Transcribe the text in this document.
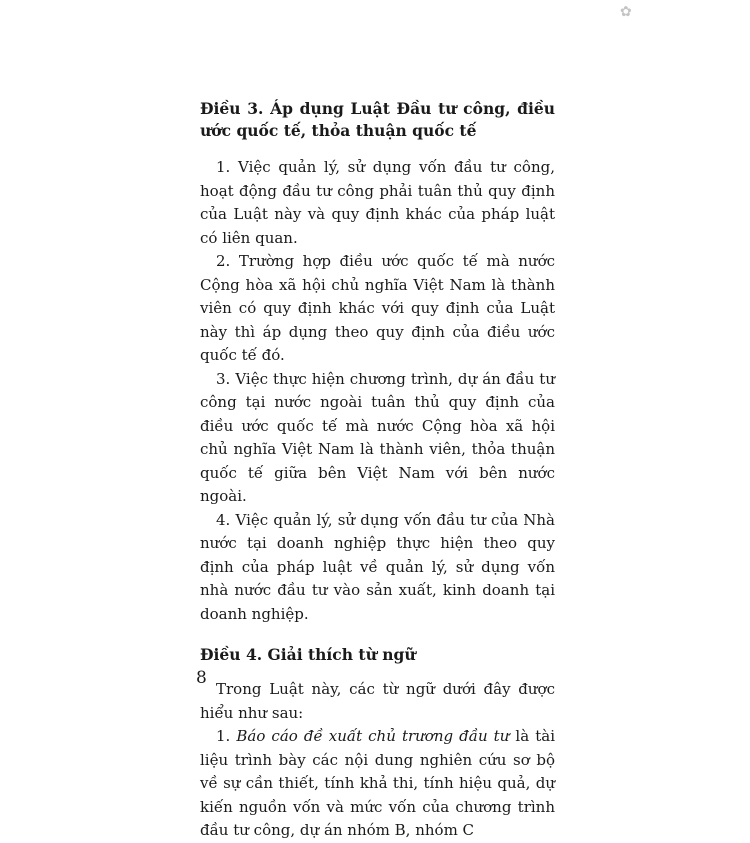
✿
Điều 3. Áp dụng Luật Đầu tư công, điều ước quốc tế, thỏa thuận quốc tế

1. Việc quản lý, sử dụng vốn đầu tư công, hoạt động đầu tư công phải tuân thủ quy định của Luật này và quy định khác của pháp luật có liên quan.

2. Trường hợp điều ước quốc tế mà nước Cộng hòa xã hội chủ nghĩa Việt Nam là thành viên có quy định khác với quy định của Luật này thì áp dụng theo quy định của điều ước quốc tế đó.

3. Việc thực hiện chương trình, dự án đầu tư công tại nước ngoài tuân thủ quy định của điều ước quốc tế mà nước Cộng hòa xã hội chủ nghĩa Việt Nam là thành viên, thỏa thuận quốc tế giữa bên Việt Nam với bên nước ngoài.

4. Việc quản lý, sử dụng vốn đầu tư của Nhà nước tại doanh nghiệp thực hiện theo quy định của pháp luật về quản lý, sử dụng vốn nhà nước đầu tư vào sản xuất, kinh doanh tại doanh nghiệp.

Điều 4. Giải thích từ ngữ

Trong Luật này, các từ ngữ dưới đây được hiểu như sau:

1. Báo cáo đề xuất chủ trương đầu tư là tài liệu trình bày các nội dung nghiên cứu sơ bộ về sự cần thiết, tính khả thi, tính hiệu quả, dự kiến nguồn vốn và mức vốn của chương trình đầu tư công, dự án nhóm B, nhóm C

8
